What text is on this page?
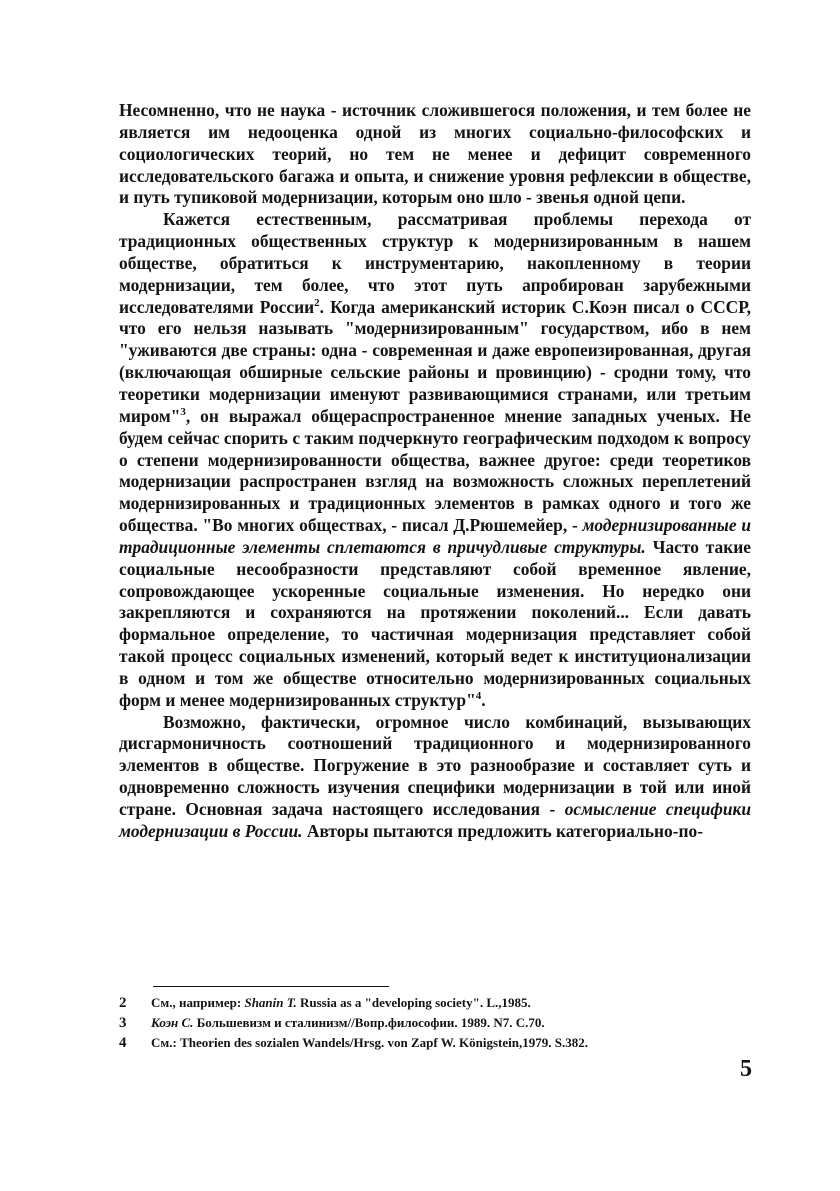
Несомненно, что не наука - источник сложившегося положения, и тем более не является им недооценка одной из многих социально-философских и социологических теорий, но тем не менее и дефицит современного исследовательского багажа и опыта, и снижение уровня рефлексии в обществе, и путь тупиковой модернизации, которым оно шло - звенья одной цепи.

Кажется естественным, рассматривая проблемы перехода от традиционных общественных структур к модернизированным в нашем обществе, обратиться к инструментарию, накопленному в теории модернизации, тем более, что этот путь апробирован зарубежными исследователями России$^2$. Когда американский историк С.Коэн писал о СССР, что его нельзя называть "модернизированным" государством, ибо в нем "уживаются две страны: одна - современная и даже европеизированная, другая (включающая обширные сельские районы и провинцию) - сродни тому, что теоретики модернизации именуют развивающимися странами, или третьим миром"$^3$, он выражал общераспространенное мнение западных ученых. Не будем сейчас спорить с таким подчеркнуто географическим подходом к вопросу о степени модернизированности общества, важнее другое: среди теоретиков модернизации распространен взгляд на возможность сложных переплетений модернизированных и традиционных элементов в рамках одного и того же общества. "Во многих обществах, - писал Д.Рюшемейер, - модернизированные и традиционные элементы сплетаются в причудливые структуры. Часто такие социальные несообразности представляют собой временное явление, сопровождающее ускоренные социальные изменения. Но нередко они закрепляются и сохраняются на протяжении поколений... Если давать формальное определение, то частичная модернизация представляет собой такой процесс социальных изменений, который ведет к институционализации в одном и том же обществе относительно модернизированных социальных форм и менее модернизированных структур"$^4$.

Возможно, фактически, огромное число комбинаций, вызывающих дисгармоничность соотношений традиционного и модернизированного элементов в обществе. Погружение в это разнообразие и составляет суть и одновременно сложность изучения специфики модернизации в той или иной стране. Основная задача настоящего исследования - осмысление специфики модернизации в России. Авторы пытаются предложить категориально-по-

2	См., например: Shanin T. Russia as a "developing society". L.,1985.
3	Коэн С. Большевизм и сталинизм//Вопр.философии. 1989. N7. С.70.
4	См.: Theorien des sozialen Wandels/Hrsg. von Zapf W. Königstein,1979. S.382.
5
